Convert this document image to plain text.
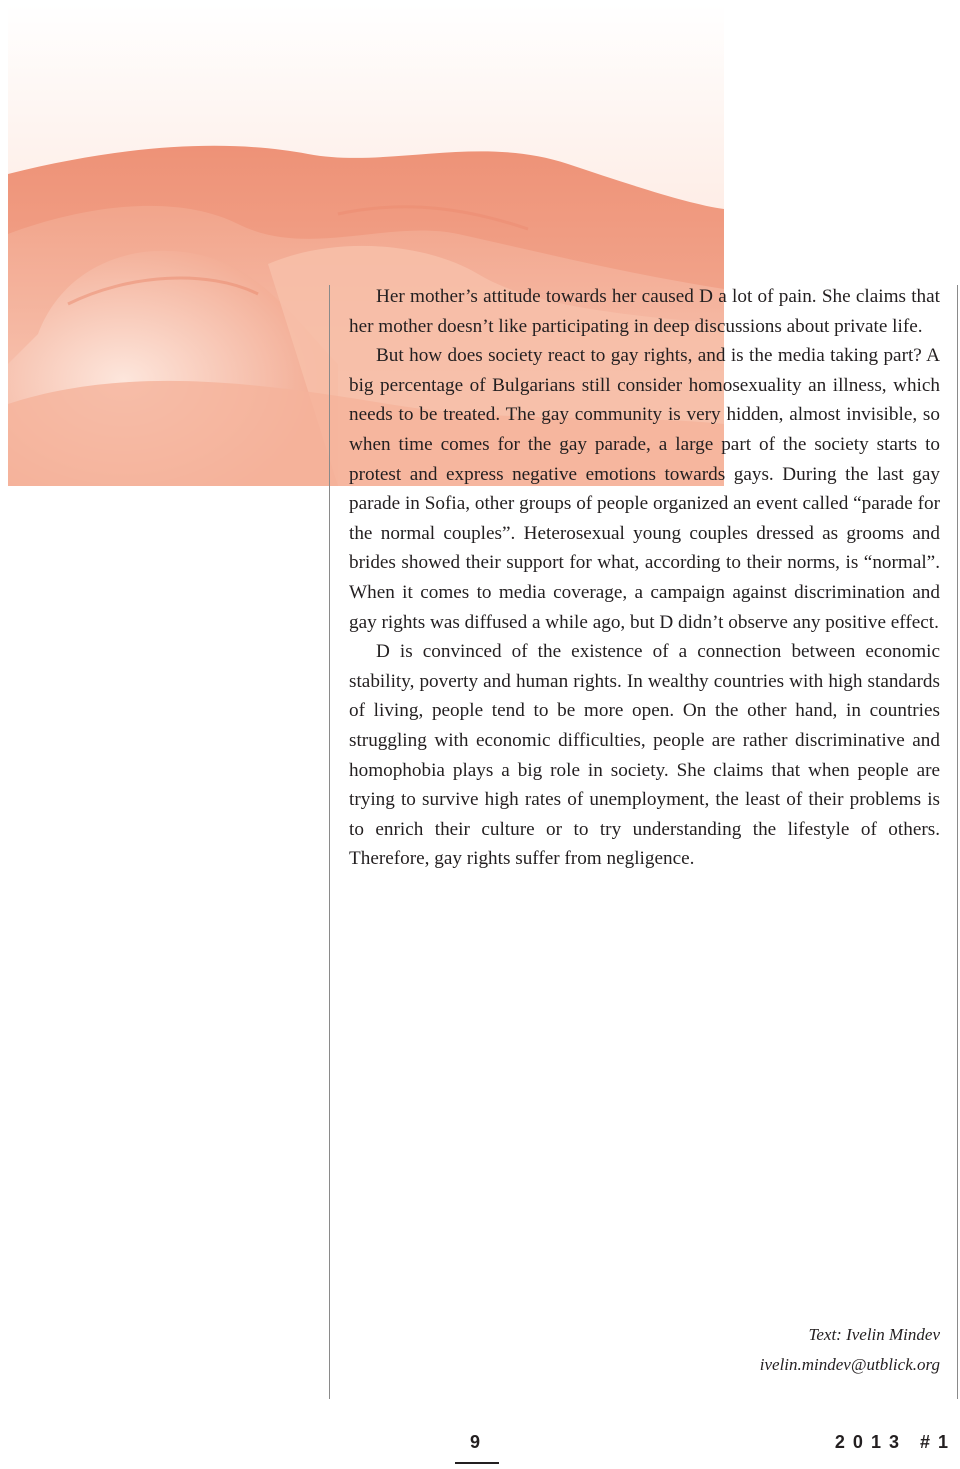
Her mother’s attitude towards her caused D a lot of pain. She claims that her mother doesn’t like participating in deep discussions about private life.

But how does society react to gay rights, and is the media taking part? A big percentage of Bulgarians still consider homosexuality an illness, which needs to be treated. The gay community is very hidden, almost invisible, so when time comes for the gay parade, a large part of the society starts to protest and express negative emotions towards gays. During the last gay parade in Sofia, other groups of people organized an event called “parade for the normal couples”. Heterosexual young couples dressed as grooms and brides showed their support for what, according to their norms, is “normal”. When it comes to media coverage, a campaign against discrimination and gay rights was diffused a while ago, but D didn’t observe any positive effect.

D is convinced of the existence of a connection between economic stability, poverty and human rights. In wealthy countries with high standards of living, people tend to be more open. On the other hand, in countries struggling with economic difficulties, people are rather discriminative and homophobia plays a big role in society. She claims that when people are trying to survive high rates of unemployment, the least of their problems is to enrich their culture or to try understanding the lifestyle of others. Therefore, gay rights suffer from negligence.

Text: Ivelin Mindev
ivelin.mindev@utblick.org
9	2013 #1
